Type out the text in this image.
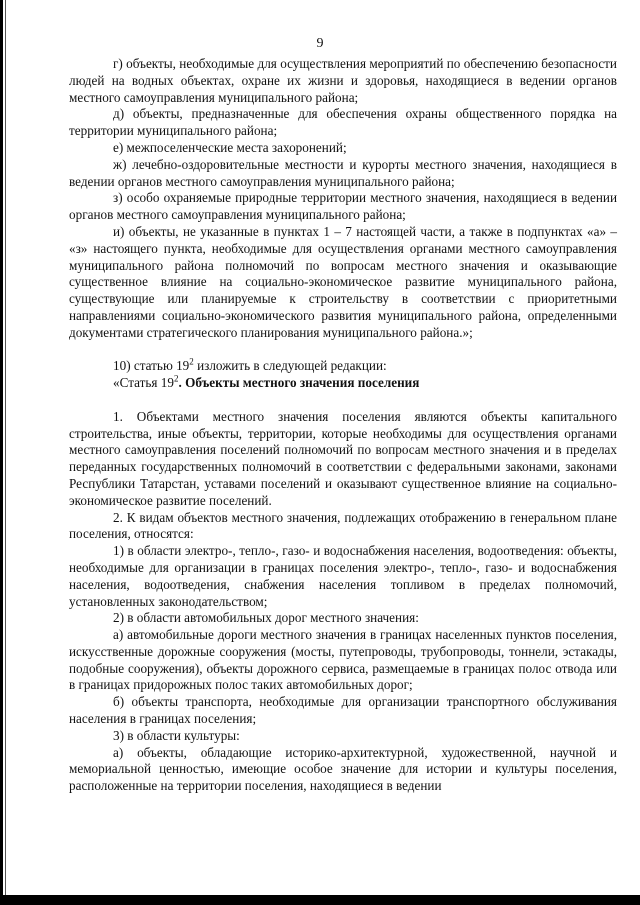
9

г) объекты, необходимые для осуществления мероприятий по обеспечению безопасности людей на водных объектах, охране их жизни и здоровья, находящиеся в ведении органов местного самоуправления муниципального района;

д) объекты, предназначенные для обеспечения охраны общественного порядка на территории муниципального района;

е) межпоселенческие места захоронений;

ж) лечебно-оздоровительные местности и курорты местного значения, находящиеся в ведении органов местного самоуправления муниципального района;

з) особо охраняемые природные территории местного значения, находящиеся в ведении органов местного самоуправления муниципального района;

и) объекты, не указанные в пунктах 1 – 7 настоящей части, а также в подпунктах «а» – «з» настоящего пункта, необходимые для осуществления органами местного самоуправления муниципального района полномочий по вопросам местного значения и оказывающие существенное влияние на социально-экономическое развитие муниципального района, существующие или планируемые к строительству в соответствии с приоритетными направлениями социально-экономического развития муниципального района, определенными документами стратегического планирования муниципального района.»;

10) статью $19^2$ изложить в следующей редакции:

«Статья $19^2$. Объекты местного значения поселения

1. Объектами местного значения поселения являются объекты капитального строительства, иные объекты, территории, которые необходимы для осуществления органами местного самоуправления поселений полномочий по вопросам местного значения и в пределах переданных государственных полномочий в соответствии с федеральными законами, законами Республики Татарстан, уставами поселений и оказывают существенное влияние на социально-экономическое развитие поселений.

2. К видам объектов местного значения, подлежащих отображению в генеральном плане поселения, относятся:

1) в области электро-, тепло-, газо- и водоснабжения населения, водоотведения: объекты, необходимые для организации в границах поселения электро-, тепло-, газо- и водоснабжения населения, водоотведения, снабжения населения топливом в пределах полномочий, установленных законодательством;

2) в области автомобильных дорог местного значения:

а) автомобильные дороги местного значения в границах населенных пунктов поселения, искусственные дорожные сооружения (мосты, путепроводы, трубопроводы, тоннели, эстакады, подобные сооружения), объекты дорожного сервиса, размещаемые в границах полос отвода или в границах придорожных полос таких автомобильных дорог;

б) объекты транспорта, необходимые для организации транспортного обслуживания населения в границах поселения;

3) в области культуры:

а) объекты, обладающие историко-архитектурной, художественной, научной и мемориальной ценностью, имеющие особое значение для истории и культуры поселения, расположенные на территории поселения, находящиеся в ведении
